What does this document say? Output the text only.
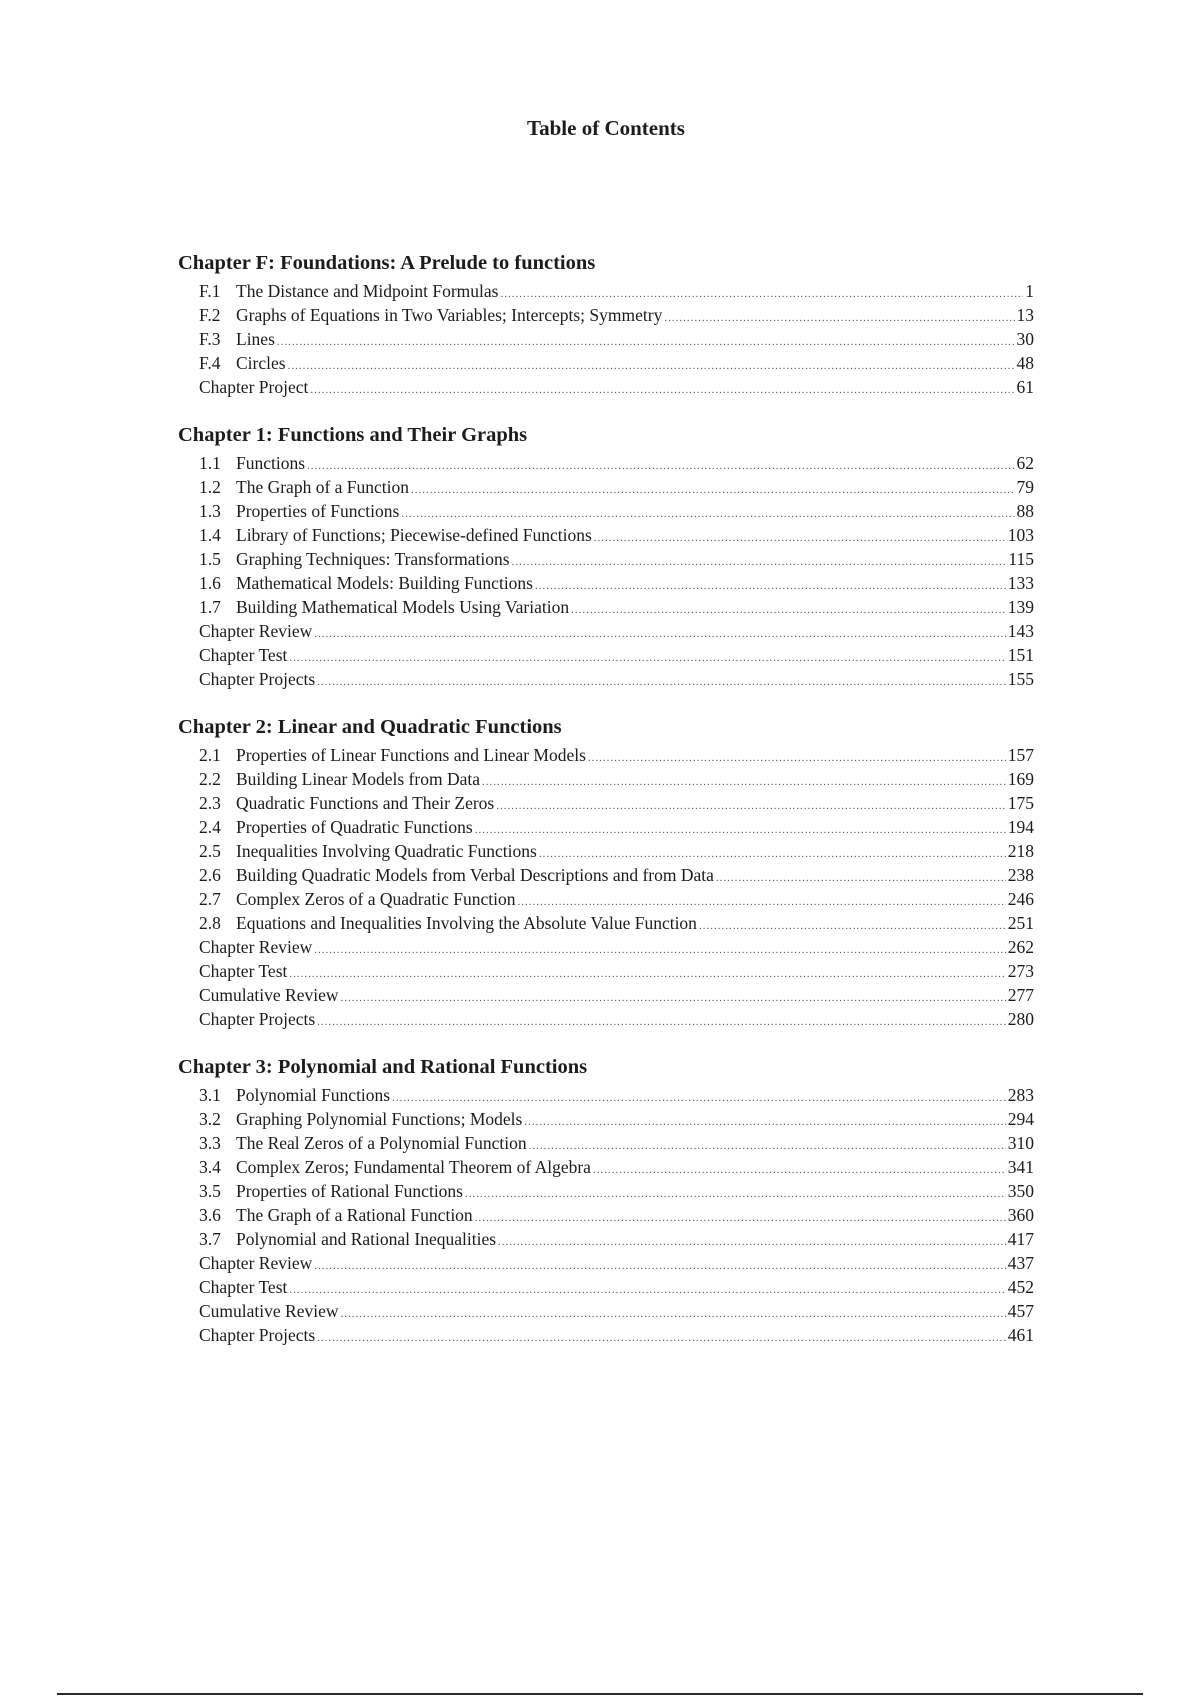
Table of Contents
Chapter F: Foundations: A Prelude to functions
F.1 The Distance and Midpoint Formulas .....	1
F.2 Graphs of Equations in Two Variables; Intercepts; Symmetry .....	13
F.3 Lines .....	30
F.4 Circles .....	48
Chapter Project .....	61
Chapter 1: Functions and Their Graphs
1.1 Functions .....	62
1.2 The Graph of a Function .....	79
1.3 Properties of Functions .....	88
1.4 Library of Functions; Piecewise-defined Functions .....	103
1.5 Graphing Techniques: Transformations .....	115
1.6 Mathematical Models: Building Functions .....	133
1.7 Building Mathematical Models Using Variation .....	139
Chapter Review .....	143
Chapter Test .....	151
Chapter Projects .....	155
Chapter 2: Linear and Quadratic Functions
2.1 Properties of Linear Functions and Linear Models .....	157
2.2 Building Linear Models from Data .....	169
2.3 Quadratic Functions and Their Zeros .....	175
2.4 Properties of Quadratic Functions .....	194
2.5 Inequalities Involving Quadratic Functions .....	218
2.6 Building Quadratic Models from Verbal Descriptions and from Data .....	238
2.7 Complex Zeros of a Quadratic Function .....	246
2.8 Equations and Inequalities Involving the Absolute Value Function .....	251
Chapter Review .....	262
Chapter Test .....	273
Cumulative Review .....	277
Chapter Projects .....	280
Chapter 3: Polynomial and Rational Functions
3.1 Polynomial Functions .....	283
3.2 Graphing Polynomial Functions; Models .....	294
3.3 The Real Zeros of a Polynomial Function .....	310
3.4 Complex Zeros; Fundamental Theorem of Algebra .....	341
3.5 Properties of Rational Functions .....	350
3.6 The Graph of a Rational Function .....	360
3.7 Polynomial and Rational Inequalities .....	417
Chapter Review .....	437
Chapter Test .....	452
Cumulative Review .....	457
Chapter Projects .....	461
